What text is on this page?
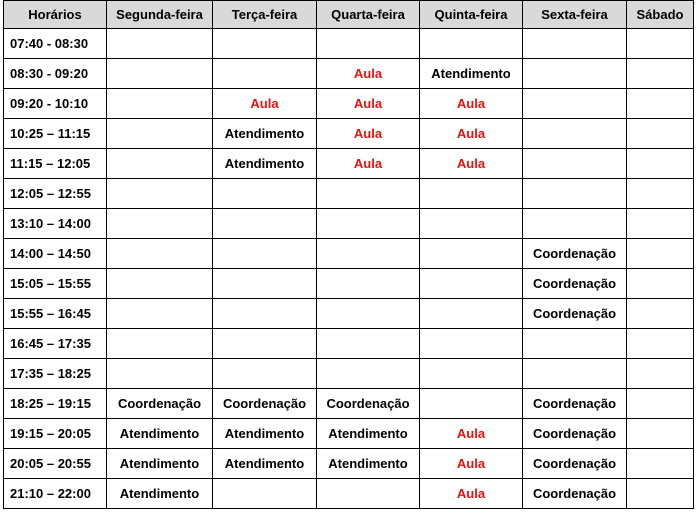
Horários	Segunda-feira	Terça-feira	Quarta-feira	Quinta-feira	Sexta-feira	Sábado
07:40 - 08:30						
08:30 - 09:20			Aula	Atendimento		
09:20 - 10:10		Aula	Aula	Aula		
10:25 – 11:15		Atendimento	Aula	Aula		
11:15 – 12:05		Atendimento	Aula	Aula		
12:05 – 12:55						
13:10 – 14:00						
14:00 – 14:50					Coordenação	
15:05 – 15:55					Coordenação	
15:55 – 16:45					Coordenação	
16:45 – 17:35						
17:35 – 18:25						
18:25 – 19:15	Coordenação	Coordenação	Coordenação		Coordenação	
19:15 – 20:05	Atendimento	Atendimento	Atendimento	Aula	Coordenação	
20:05 – 20:55	Atendimento	Atendimento	Atendimento	Aula	Coordenação	
21:10 – 22:00	Atendimento			Aula	Coordenação	
